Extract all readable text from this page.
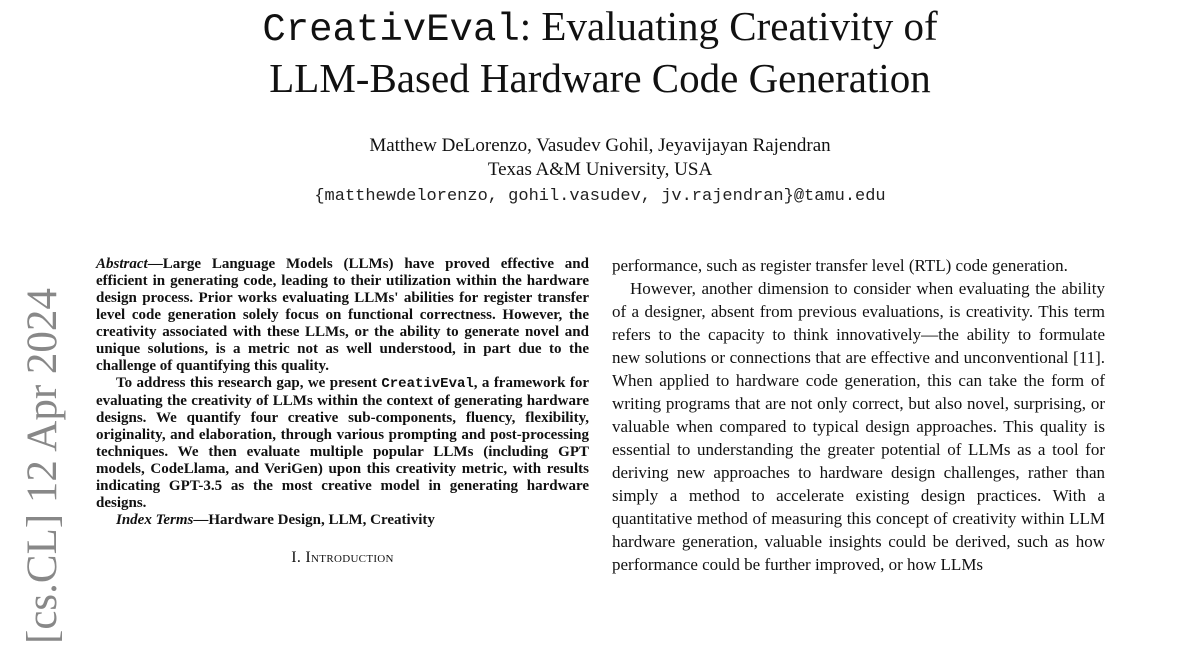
CreativEval: Evaluating Creativity of
LLM-Based Hardware Code Generation
Matthew DeLorenzo, Vasudev Gohil, Jeyavijayan Rajendran
Texas A&M University, USA
{matthewdelorenzo, gohil.vasudev, jv.rajendran}@tamu.edu
[cs.CL] 12 Apr 2024

Abstract—Large Language Models (LLMs) have proved effective and efficient in generating code, leading to their utilization within the hardware design process. Prior works evaluating LLMs' abilities for register transfer level code generation solely focus on functional correctness. However, the creativity associated with these LLMs, or the ability to generate novel and unique solutions, is a metric not as well understood, in part due to the challenge of quantifying this quality.

To address this research gap, we present CreativEval, a framework for evaluating the creativity of LLMs within the context of generating hardware designs. We quantify four creative sub-components, fluency, flexibility, originality, and elaboration, through various prompting and post-processing techniques. We then evaluate multiple popular LLMs (including GPT models, CodeLlama, and VeriGen) upon this creativity metric, with results indicating GPT-3.5 as the most creative model in generating hardware designs.

Index Terms—Hardware Design, LLM, Creativity

I. Introduction

performance, such as register transfer level (RTL) code generation.

However, another dimension to consider when evaluating the ability of a designer, absent from previous evaluations, is creativity. This term refers to the capacity to think innovatively—the ability to formulate new solutions or connections that are effective and unconventional [11]. When applied to hardware code generation, this can take the form of writing programs that are not only correct, but also novel, surprising, or valuable when compared to typical design approaches. This quality is essential to understanding the greater potential of LLMs as a tool for deriving new approaches to hardware design challenges, rather than simply a method to accelerate existing design practices. With a quantitative method of measuring this concept of creativity within LLM hardware generation, valuable insights could be derived, such as how performance could be further improved, or how LLMs
